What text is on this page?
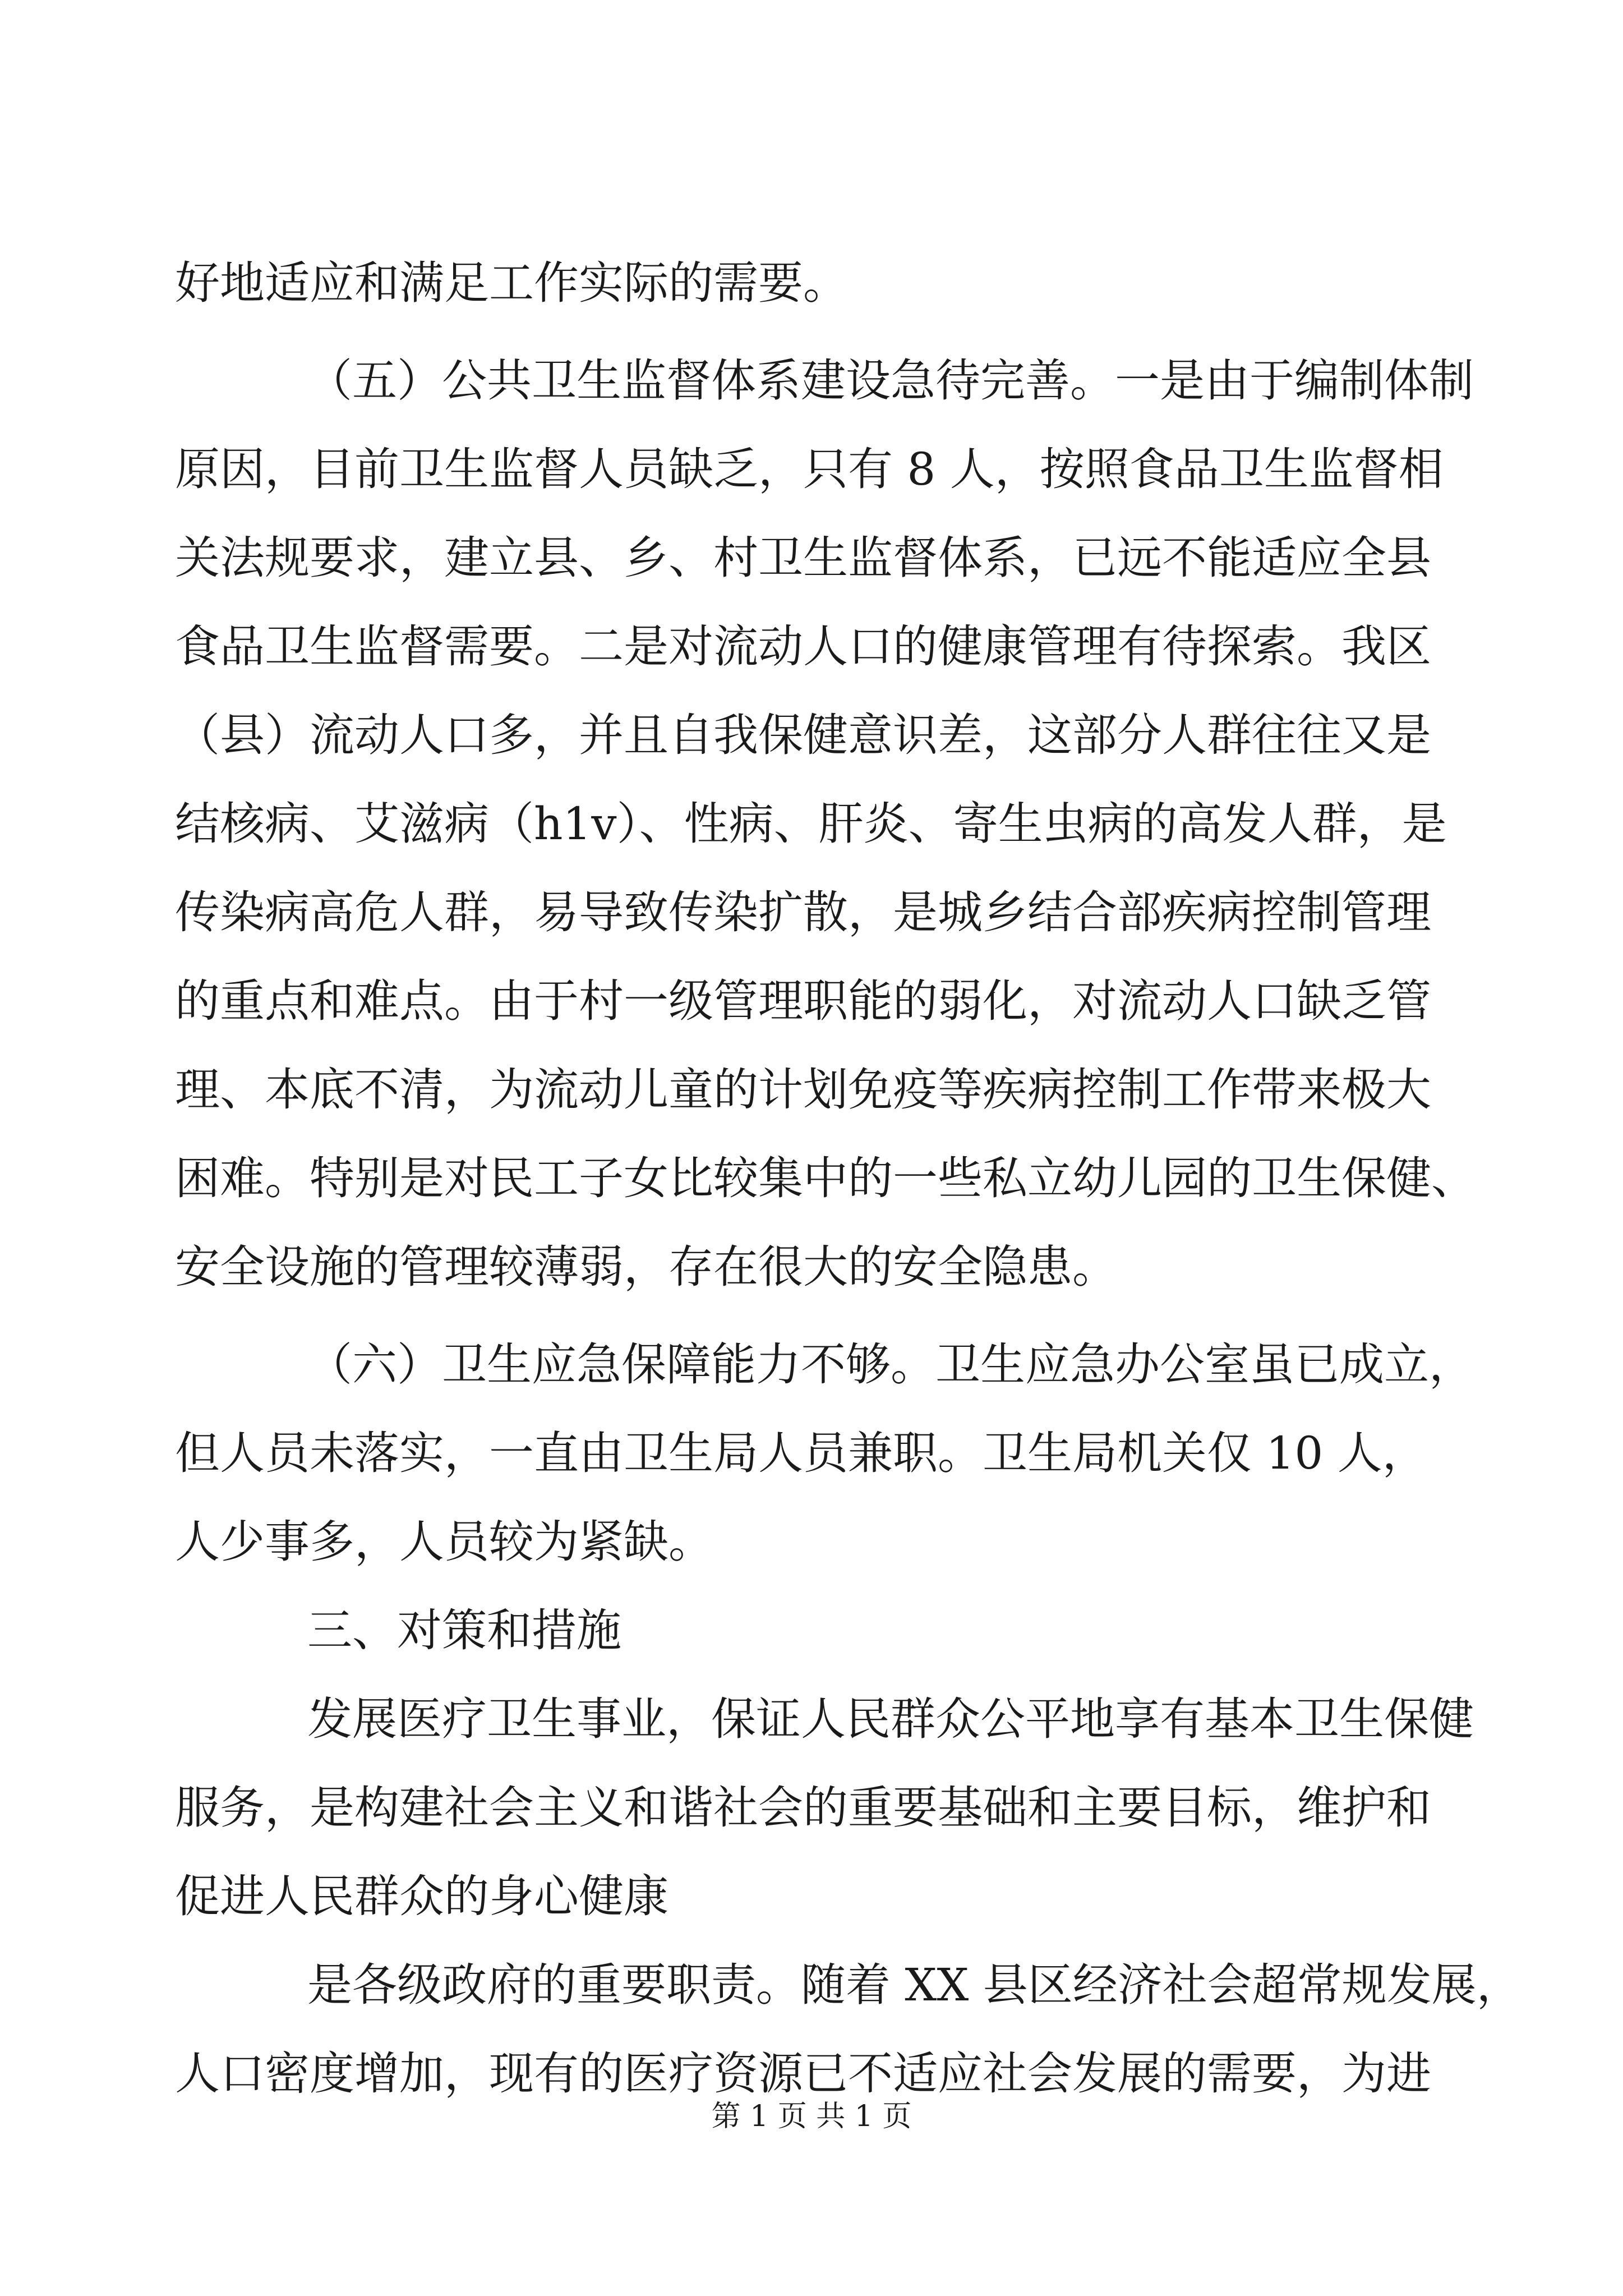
好地适应和满足工作实际的需要。
（五）公共卫生监督体系建设急待完善。一是由于编制体制
原因，目前卫生监督人员缺乏，只有 8 人，按照食品卫生监督相
关法规要求，建立县、乡、村卫生监督体系，已远不能适应全县
食品卫生监督需要。二是对流动人口的健康管理有待探索。我区
（县）流动人口多，并且自我保健意识差，这部分人群往往又是
结核病、艾滋病（h1v）、性病、肝炎、寄生虫病的高发人群，是
传染病高危人群，易导致传染扩散，是城乡结合部疾病控制管理
的重点和难点。由于村一级管理职能的弱化，对流动人口缺乏管
理、本底不清，为流动儿童的计划免疫等疾病控制工作带来极大
困难。特别是对民工子女比较集中的一些私立幼儿园的卫生保健、
安全设施的管理较薄弱，存在很大的安全隐患。
（六）卫生应急保障能力不够。卫生应急办公室虽已成立，
但人员未落实，一直由卫生局人员兼职。卫生局机关仅 10 人，
人少事多，人员较为紧缺。
三、对策和措施
发展医疗卫生事业，保证人民群众公平地享有基本卫生保健
服务，是构建社会主义和谐社会的重要基础和主要目标，维护和
促进人民群众的身心健康
是各级政府的重要职责。随着 XX 县区经济社会超常规发展，
人口密度增加，现有的医疗资源已不适应社会发展的需要，为进
第 1 页 共 1 页
